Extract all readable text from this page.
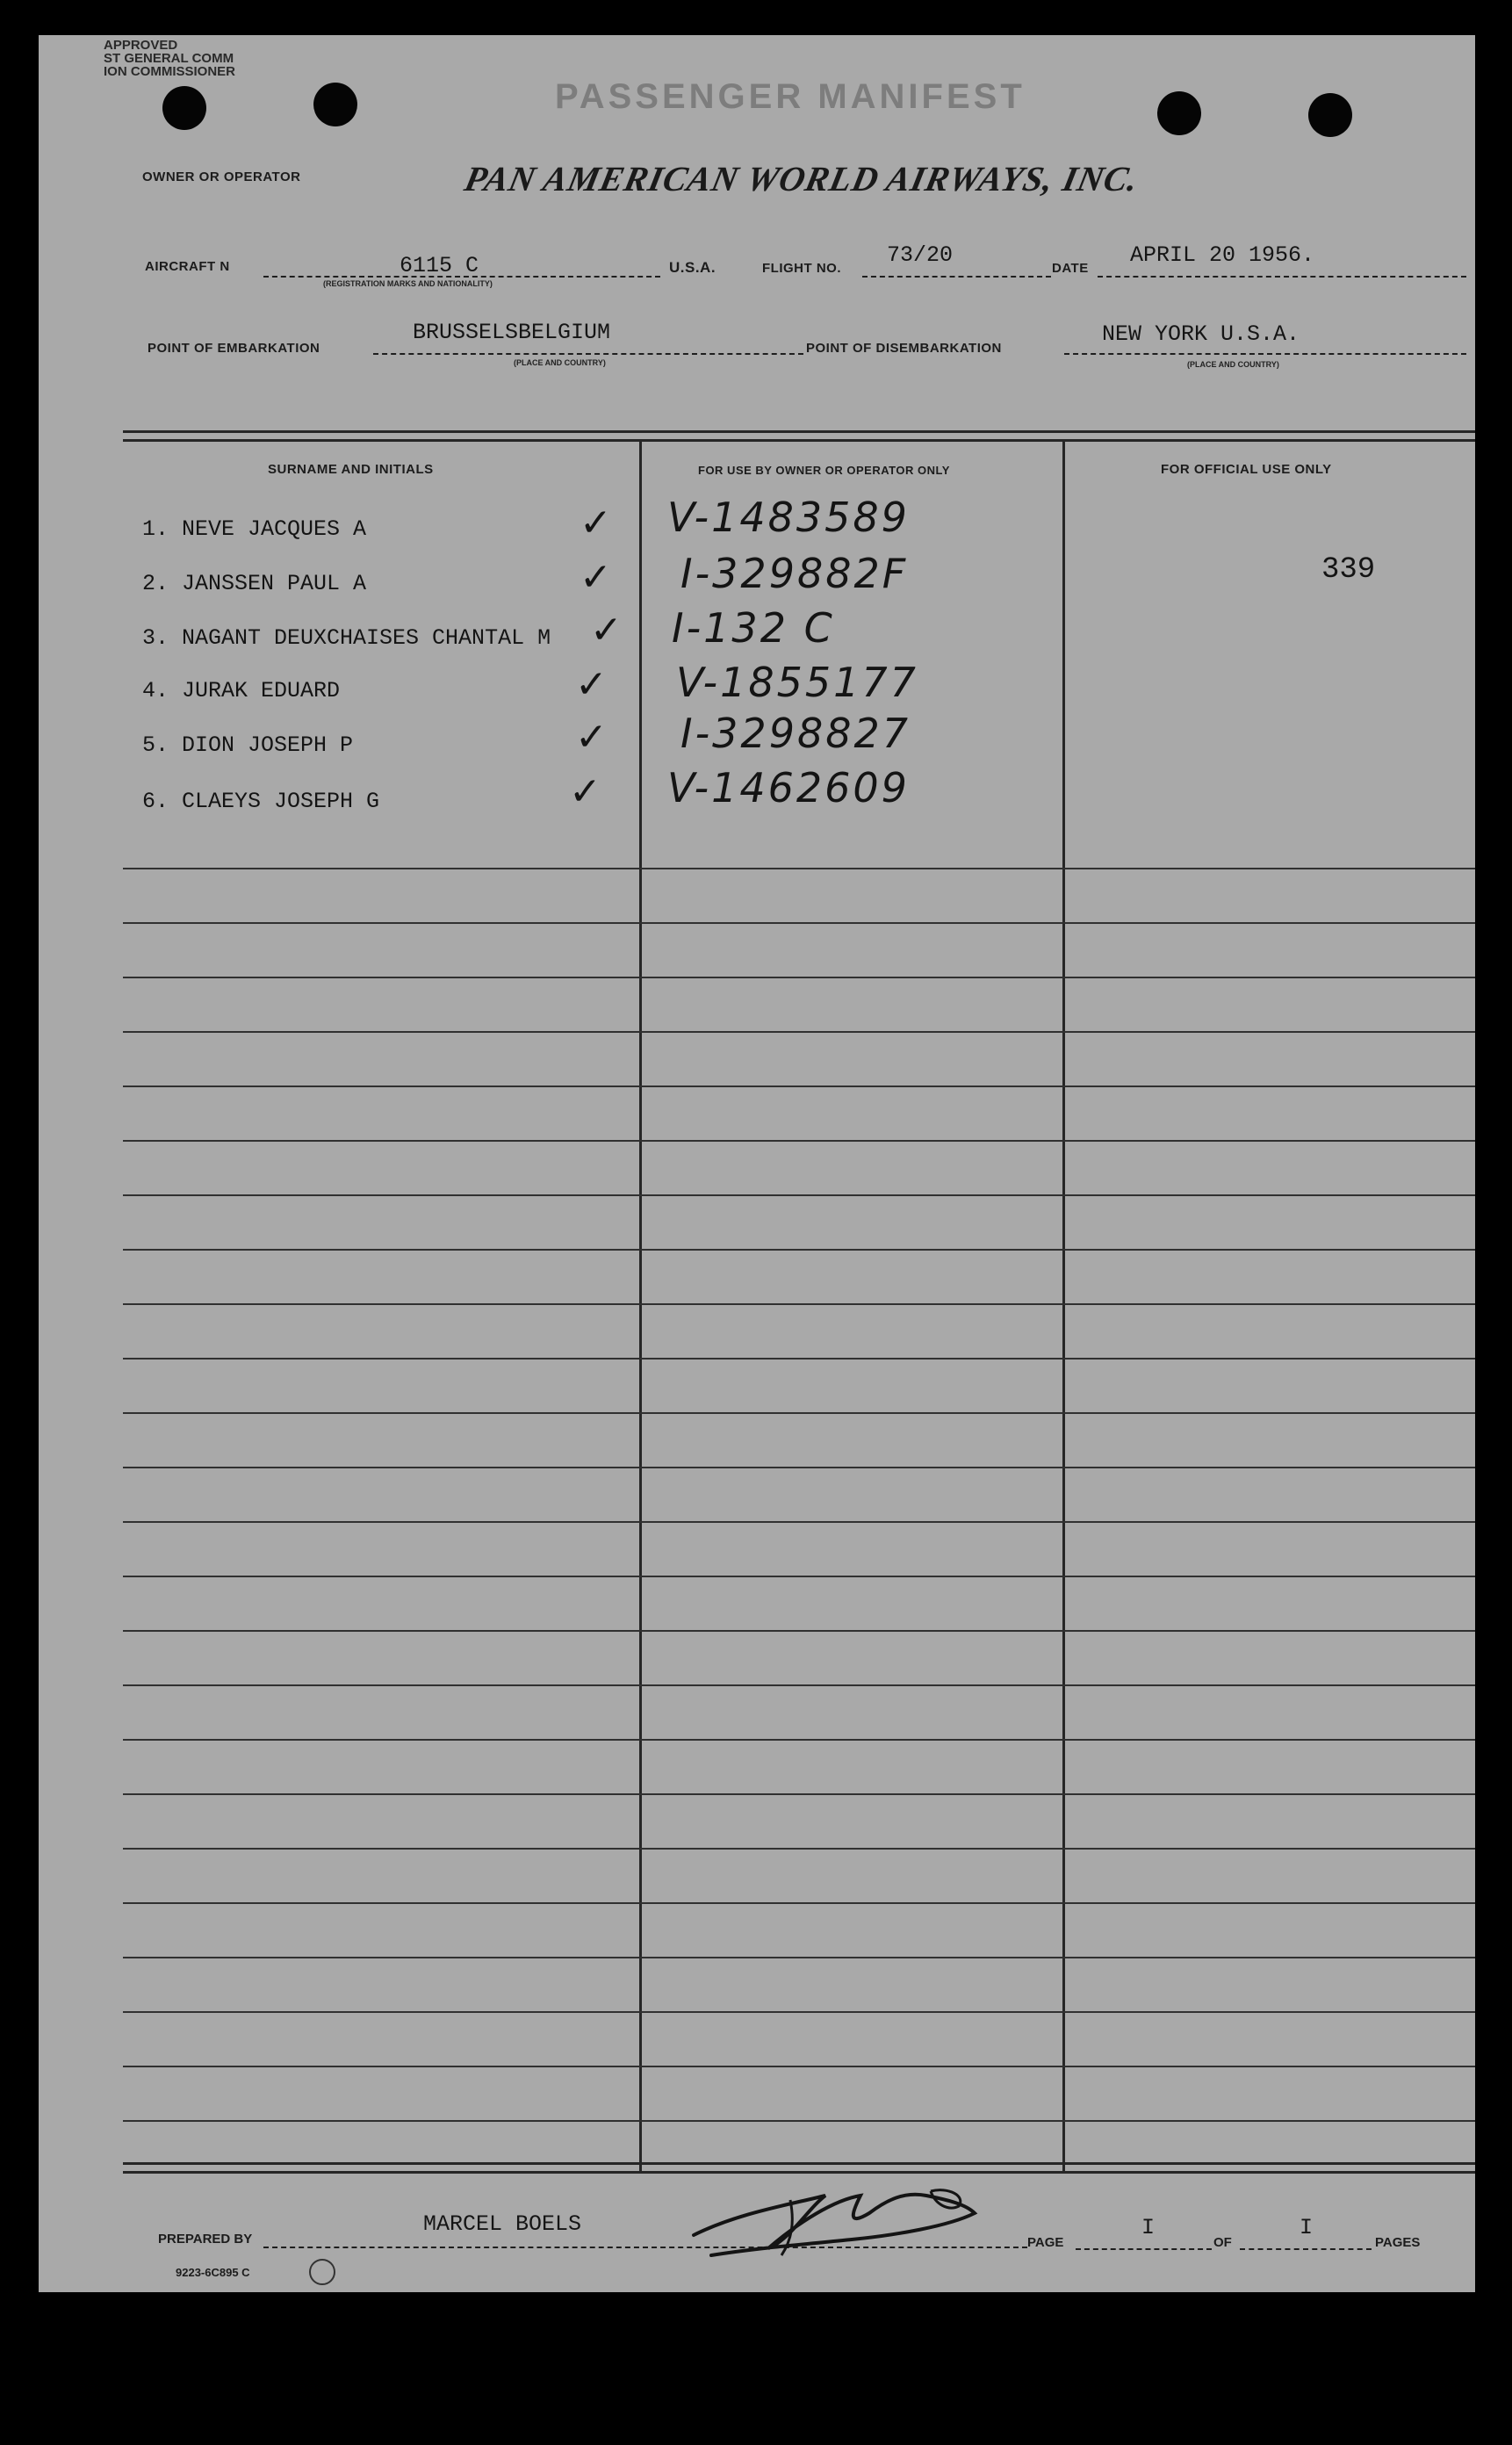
APPROVED
ST GENERAL COMM
ION COMMISSIONER
PASSENGER MANIFEST
OWNER OR OPERATOR	PAN AMERICAN WORLD AIRWAYS, INC.
AIRCRAFT N	6115 C
(REGISTRATION MARKS AND NATIONALITY)
U.S.A.	FLIGHT NO.
73/20
DATE
APRIL 20 1956.
POINT OF EMBARKATION
BRUSSELSBELGIUM
(PLACE AND COUNTRY)
POINT OF DISEMBARKATION
NEW YORK U.S.A.
(PLACE AND COUNTRY)
SURNAME AND INITIALS	FOR USE BY OWNER OR OPERATOR ONLY	FOR OFFICIAL USE ONLY
1. NEVE JACQUES A	✓ V-1483589
2. JANSSEN PAUL A	✓ I-329882F	339
3. NAGANT DEUXCHAISES CHANTAL M ✓ I-132 C
4. JURAK EDUARD	✓ V-1855177
5. DION JOSEPH P	✓ I-3298827
6. CLAEYS JOSEPH G	✓ V-1462609
PREPARED BY
MARCEL BOELS
PAGE
I
OF
I
PAGES
9223-6C895 C
